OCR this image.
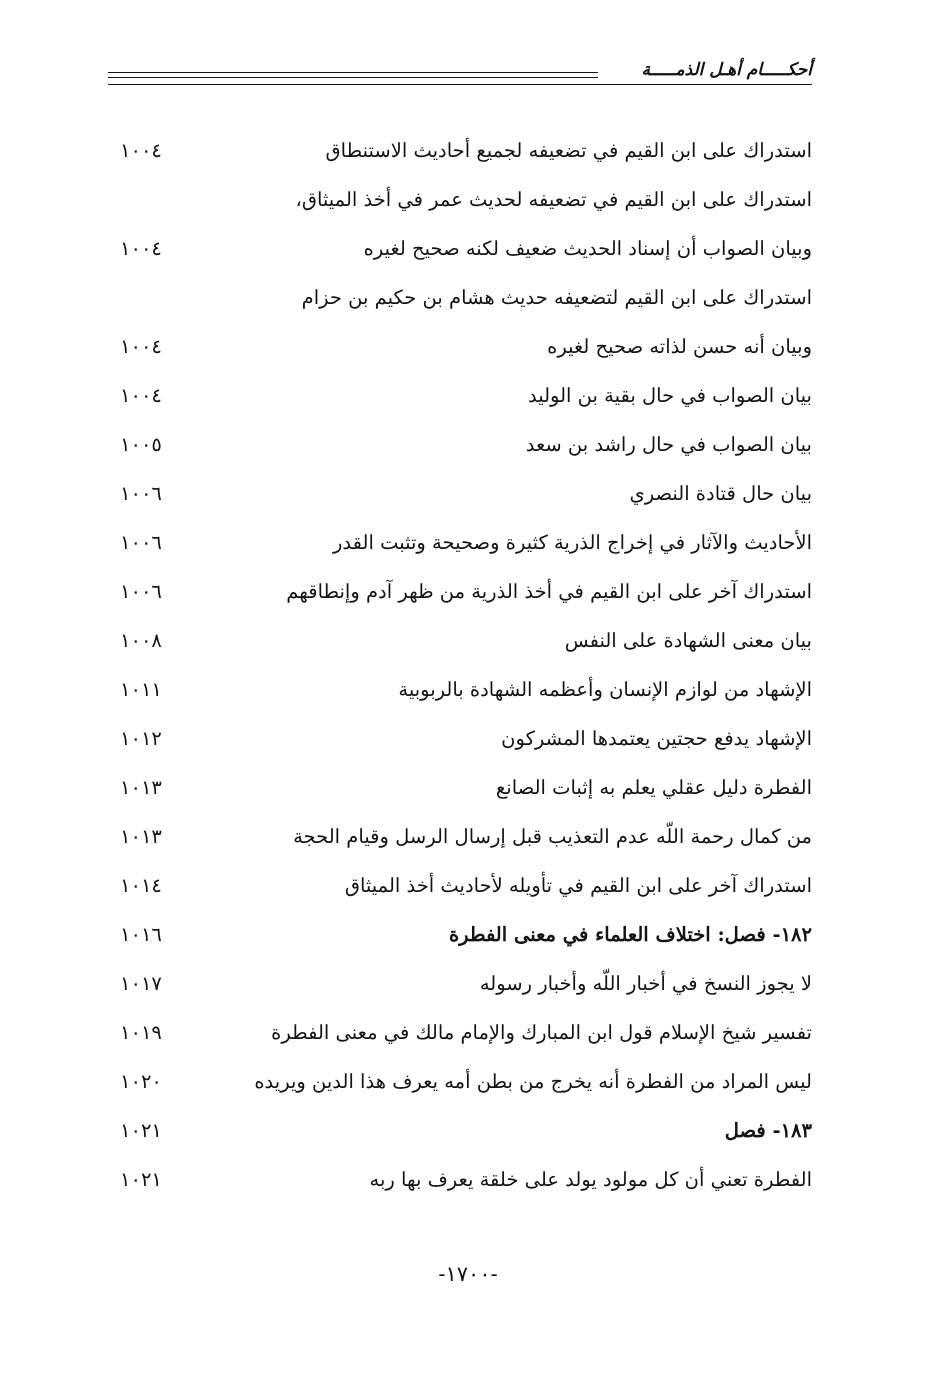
أحكـــــام أهـل الذمـــــة
استدراك على ابن القيم في تضعيفه لجميع أحاديث الاستنطاق
١٠٠٤
استدراك على ابن القيم في تضعيفه لحديث عمر في أخذ الميثاق،
وبيان الصواب أن إسناد الحديث ضعيف لكنه صحيح لغيره
١٠٠٤
استدراك على ابن القيم لتضعيفه حديث هشام بن حكيم بن حزام
وبيان أنه حسن لذاته صحيح لغيره
١٠٠٤
بيان الصواب في حال بقية بن الوليد
١٠٠٤
بيان الصواب في حال راشد بن سعد
١٠٠٥
بيان حال قتادة النصري
١٠٠٦
الأحاديث والآثار في إخراج الذرية كثيرة وصحيحة وتثبت القدر
١٠٠٦
استدراك آخر على ابن القيم في أخذ الذرية من ظهر آدم وإنطاقهم
١٠٠٦
بيان معنى الشهادة على النفس
١٠٠٨
الإشهاد من لوازم الإنسان وأعظمه الشهادة بالربوبية
١٠١١
الإشهاد يدفع حجتين يعتمدها المشركون
١٠١٢
الفطرة دليل عقلي يعلم به إثبات الصانع
١٠١٣
من كمال رحمة اللّه عدم التعذيب قبل إرسال الرسل وقيام الحجة
١٠١٣
استدراك آخر على ابن القيم في تأويله لأحاديث أخذ الميثاق
١٠١٤
١٨٢- فصل: اختلاف العلماء في معنى الفطرة
١٠١٦
لا يجوز النسخ في أخبار اللّه وأخبار رسوله
١٠١٧
تفسير شيخ الإسلام قول ابن المبارك والإمام مالك في معنى الفطرة
١٠١٩
ليس المراد من الفطرة أنه يخرج من بطن أمه يعرف هذا الدين ويريده
١٠٢٠
١٨٣- فصل
١٠٢١
الفطرة تعني أن كل مولود يولد على خلقة يعرف بها ربه
١٠٢١
-١٧٠٠-
